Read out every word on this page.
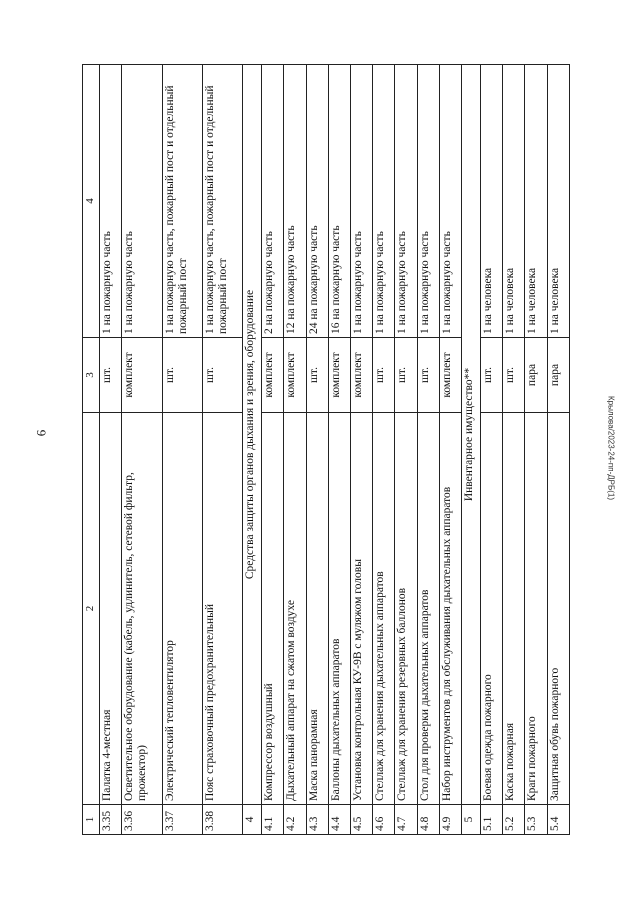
6	Крылова/2023-24-пп-ДРБ(1)
1	2	3	4
3.35	Палатка 4-местная	шт.	1 на пожарную часть
3.36	Осветительное оборудование (кабель, удлинитель, сетевой фильтр, прожектор)	комплект	1 на пожарную часть
3.37	Электрический тепловентилятор	шт.	1 на пожарную часть, пожарный пост и отдельный пожарный пост
3.38	Пояс страховочный предохранительный	шт.	1 на пожарную часть, пожарный пост и отдельный пожарный пост
4	Средства защиты органов дыхания и зрения, оборудование		
4.1	Компрессор воздушный	комплект	2 на пожарную часть
4.2	Дыхательный аппарат на сжатом воздухе	комплект	12 на пожарную часть
4.3	Маска панорамная	шт.	24 на пожарную часть
4.4	Баллоны дыхательных аппаратов	комплект	16 на пожарную часть
4.5	Установка контрольная КУ-9В с муляжом головы	комплект	1 на пожарную часть
4.6	Стеллаж для хранения дыхательных аппаратов	шт.	1 на пожарную часть
4.7	Стеллаж для хранения резервных баллонов	шт.	1 на пожарную часть
4.8	Стол для проверки дыхательных аппаратов	шт.	1 на пожарную часть
4.9	Набор инструментов для обслуживания дыхательных аппаратов	комплект	1 на пожарную часть
5	Инвентарное имущество**		
5.1	Боевая одежда пожарного	шт.	1 на человека
5.2	Каска пожарная	шт.	1 на человека
5.3	Краги пожарного	пара	1 на человека
5.4	Защитная обувь пожарного	пара	1 на человека
